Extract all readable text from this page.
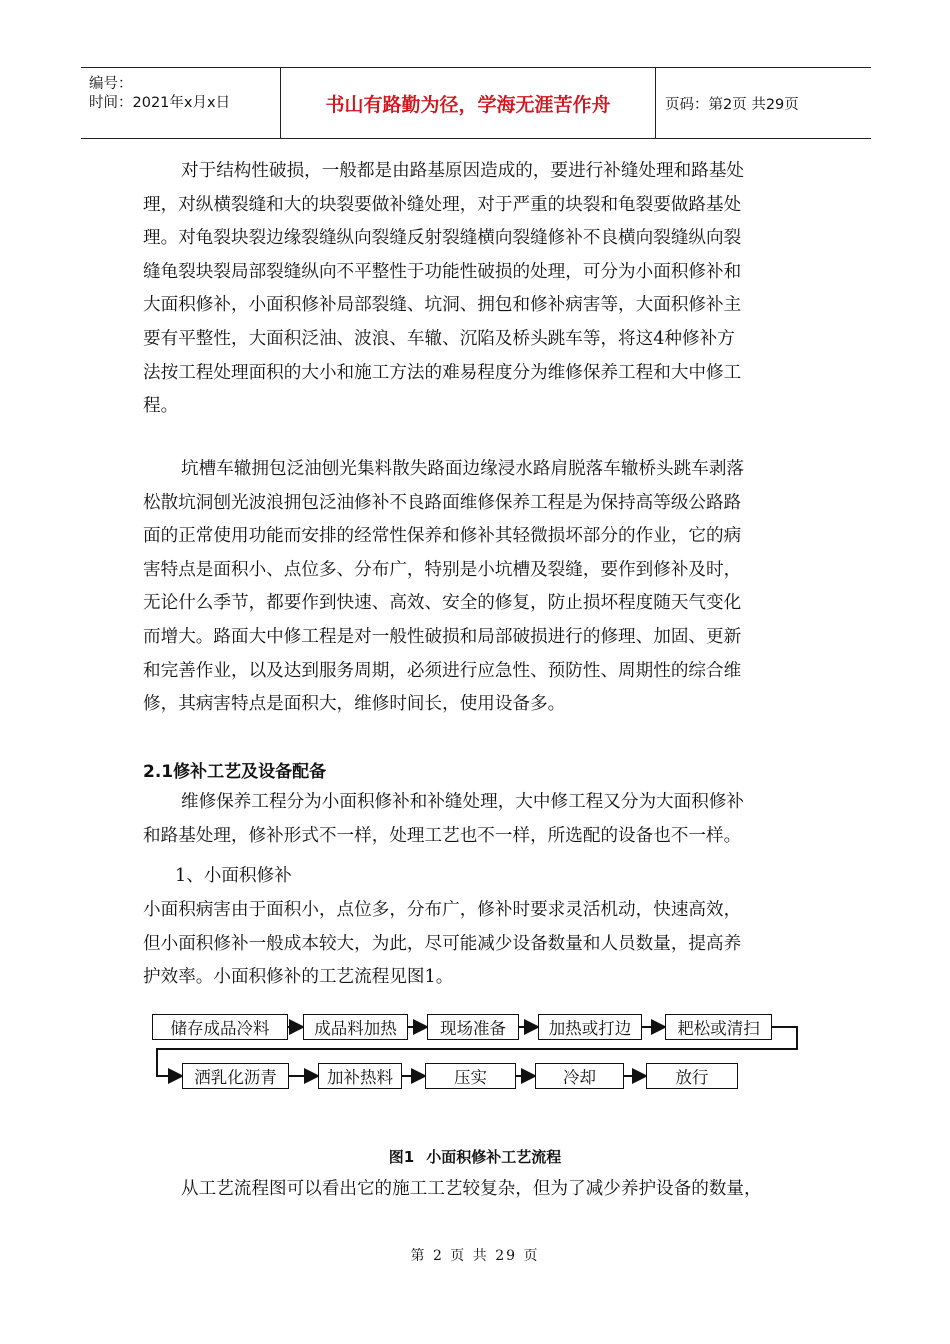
编号：
时间：2021年x月x日	书山有路勤为径，学海无涯苦作舟	页码：第2页 共29页
对于结构性破损，一般都是由路基原因造成的，要进行补缝处理和路基处
理，对纵横裂缝和大的块裂要做补缝处理，对于严重的块裂和龟裂要做路基处
理。对龟裂块裂边缘裂缝纵向裂缝反射裂缝横向裂缝修补不良横向裂缝纵向裂
缝龟裂块裂局部裂缝纵向不平整性于功能性破损的处理，可分为小面积修补和
大面积修补，小面积修补局部裂缝、坑洞、拥包和修补病害等，大面积修补主
要有平整性，大面积泛油、波浪、车辙、沉陷及桥头跳车等，将这4种修补方
法按工程处理面积的大小和施工方法的难易程度分为维修保养工程和大中修工
程。
坑槽车辙拥包泛油刨光集料散失路面边缘浸水路肩脱落车辙桥头跳车剥落
松散坑洞刨光波浪拥包泛油修补不良路面维修保养工程是为保持高等级公路路
面的正常使用功能而安排的经常性保养和修补其轻微损坏部分的作业，它的病
害特点是面积小、点位多、分布广，特别是小坑槽及裂缝，要作到修补及时，
无论什么季节，都要作到快速、高效、安全的修复，防止损坏程度随天气变化
而增大。路面大中修工程是对一般性破损和局部破损进行的修理、加固、更新
和完善作业，以及达到服务周期，必须进行应急性、预防性、周期性的综合维
修，其病害特点是面积大，维修时间长，使用设备多。
2.1修补工艺及设备配备
维修保养工程分为小面积修补和补缝处理，大中修工程又分为大面积修补
和路基处理，修补形式不一样，处理工艺也不一样，所选配的设备也不一样。
1、小面积修补
小面积病害由于面积小，点位多，分布广，修补时要求灵活机动，快速高效，
但小面积修补一般成本较大，为此，尽可能减少设备数量和人员数量，提高养
护效率。小面积修补的工艺流程见图1。
储存成品冷料	成品料加热	现场准备	加热或打边	耙松或清扫
洒乳化沥青	加补热料	压实	冷却	放行
图1 小面积修补工艺流程
从工艺流程图可以看出它的施工工艺较复杂，但为了减少养护设备的数量，
第 2 页 共 29 页
